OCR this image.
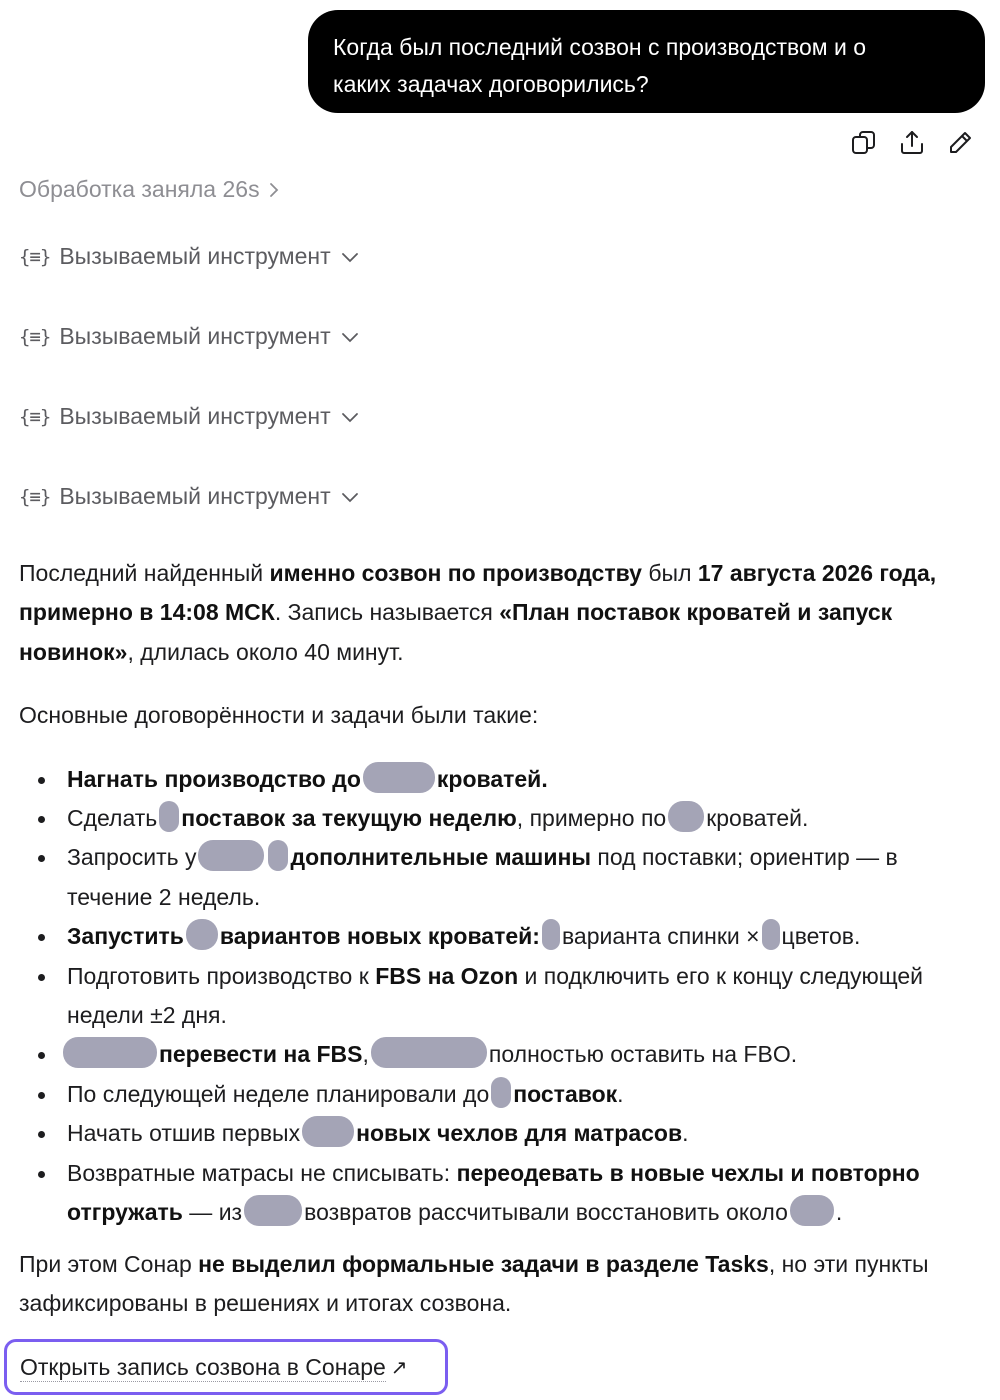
Когда был последний созвон с производством и о
каких задачах договорились?
Обработка заняла 26s
{≡} Вызываемый инструмент
{≡} Вызываемый инструмент
{≡} Вызываемый инструмент
{≡} Вызываемый инструмент

Последний найденный именно созвон по производству был 17 августа 2026 года, примерно в 14:08 МСК. Запись называется «План поставок кроватей и запуск новинок», длилась около 40 минут.

Основные договорённости и задачи были такие:

Нагнать производство до	кроватей.
Сделать поставок за текущую неделю, примерно по кроватей.
Запросить у	дополнительные машины под поставки; ориентир — в течение 2 недель.
Запустить вариантов новых кроватей: варианта спинки × цветов.
Подготовить производство к FBS на Ozon и подключить его к концу следующей недели ±2 дня.
перевести на FBS,	полностью оставить на FBO.
По следующей неделе планировали до поставок.
Начать отшив первых новых чехлов для матрасов.
Возвратные матрасы не списывать: переодевать в новые чехлы и повторно отгружать — из	возвратов рассчитывали восстановить около .

При этом Сонар не выделил формальные задачи в разделе Tasks, но эти пункты зафиксированы в решениях и итогах созвона.

Открыть запись созвона в Сонаре ↗
